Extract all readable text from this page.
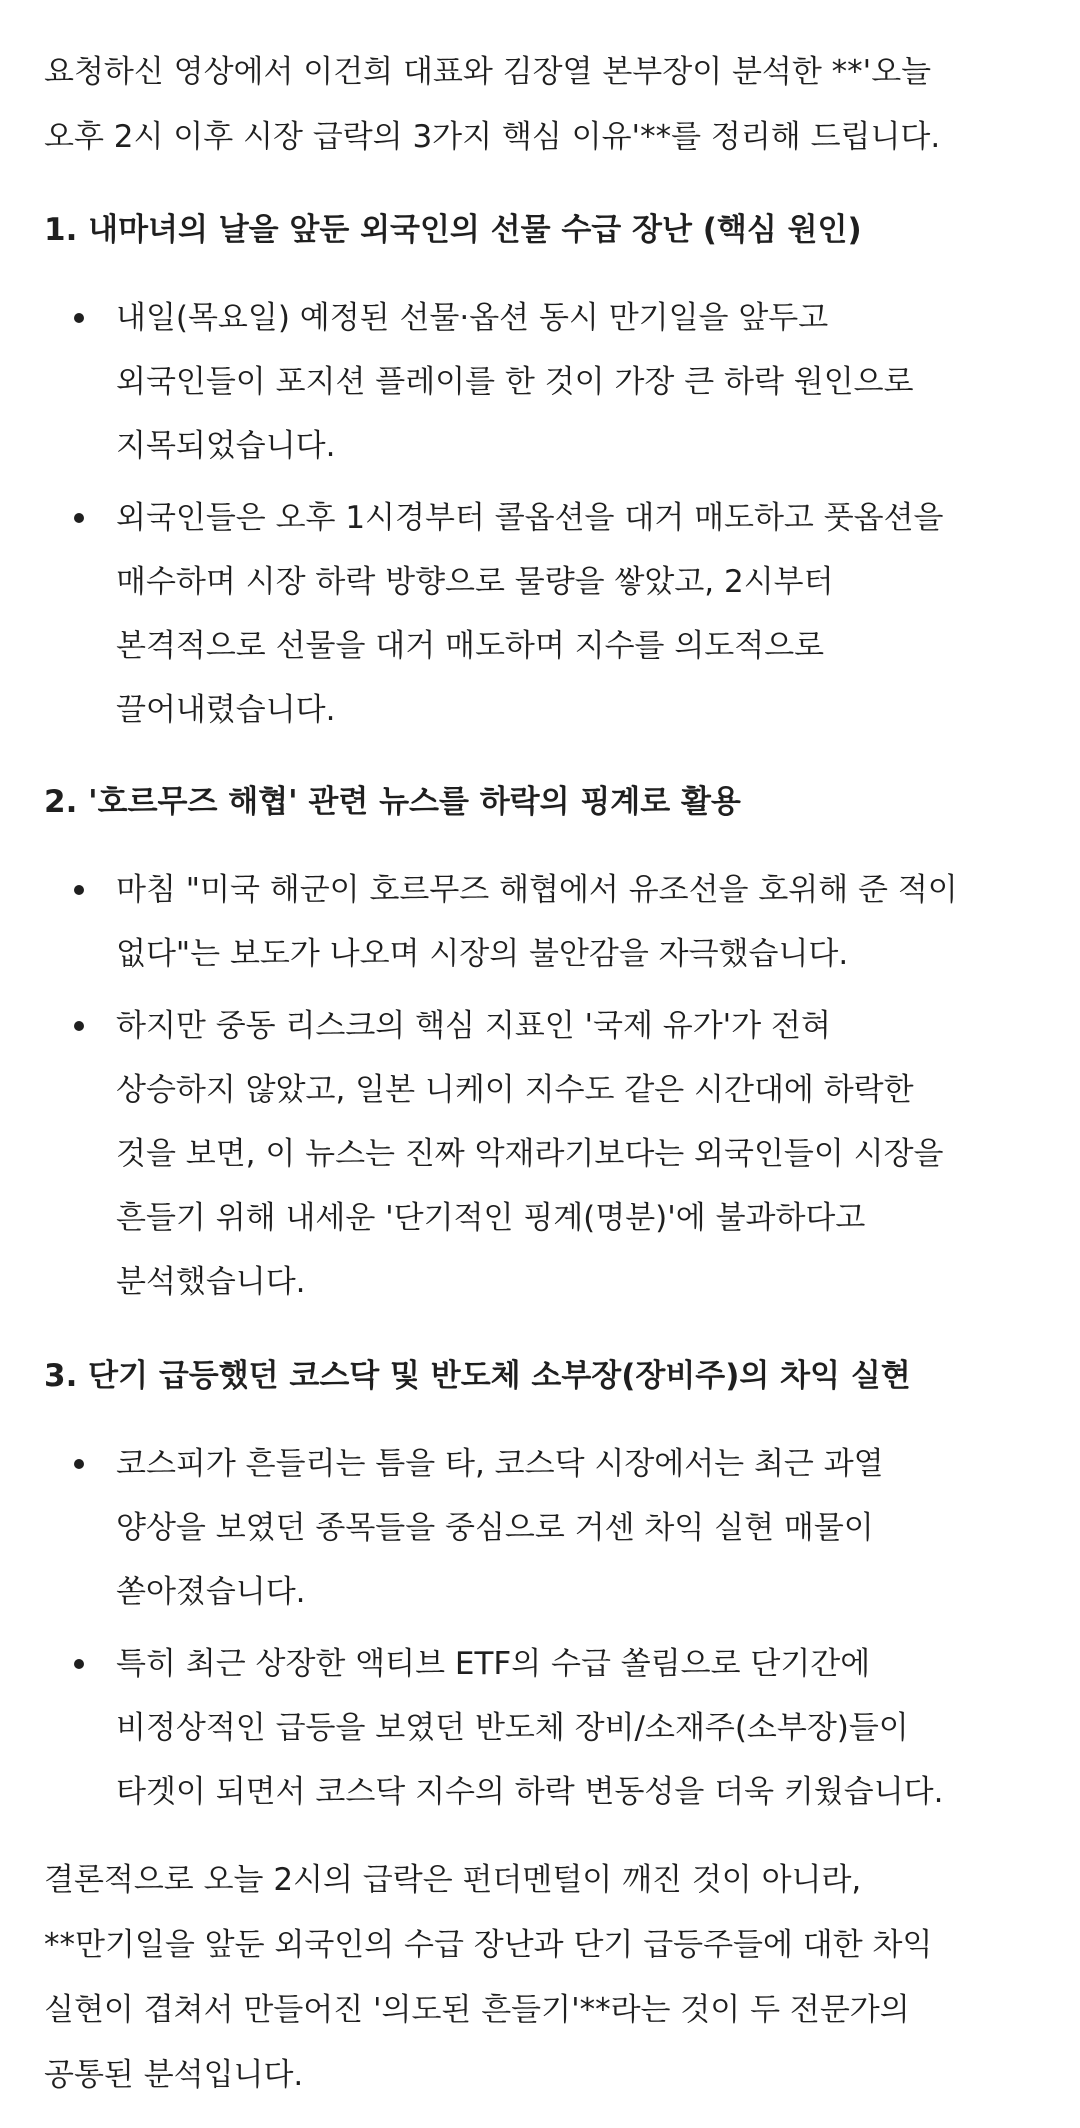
요청하신 영상에서 이건희 대표와 김장열 본부장이 분석한 **'오늘

오후 2시 이후 시장 급락의 3가지 핵심 이유'**를 정리해 드립니다.

1. 내마녀의 날을 앞둔 외국인의 선물 수급 장난 (핵심 원인)

내일(목요일) 예정된 선물·옵션 동시 만기일을 앞두고

외국인들이 포지션 플레이를 한 것이 가장 큰 하락 원인으로

지목되었습니다.

외국인들은 오후 1시경부터 콜옵션을 대거 매도하고 풋옵션을

매수하며 시장 하락 방향으로 물량을 쌓았고, 2시부터

본격적으로 선물을 대거 매도하며 지수를 의도적으로

끌어내렸습니다.

2. '호르무즈 해협' 관련 뉴스를 하락의 핑계로 활용

마침 "미국 해군이 호르무즈 해협에서 유조선을 호위해 준 적이

없다"는 보도가 나오며 시장의 불안감을 자극했습니다.

하지만 중동 리스크의 핵심 지표인 '국제 유가'가 전혀

상승하지 않았고, 일본 니케이 지수도 같은 시간대에 하락한

것을 보면, 이 뉴스는 진짜 악재라기보다는 외국인들이 시장을

흔들기 위해 내세운 '단기적인 핑계(명분)'에 불과하다고

분석했습니다.

3. 단기 급등했던 코스닥 및 반도체 소부장(장비주)의 차익 실현

코스피가 흔들리는 틈을 타, 코스닥 시장에서는 최근 과열

양상을 보였던 종목들을 중심으로 거센 차익 실현 매물이

쏟아졌습니다.

특히 최근 상장한 액티브 ETF의 수급 쏠림으로 단기간에

비정상적인 급등을 보였던 반도체 장비/소재주(소부장)들이

타겟이 되면서 코스닥 지수의 하락 변동성을 더욱 키웠습니다.

결론적으로 오늘 2시의 급락은 펀더멘털이 깨진 것이 아니라,

**만기일을 앞둔 외국인의 수급 장난과 단기 급등주들에 대한 차익

실현이 겹쳐서 만들어진 '의도된 흔들기'**라는 것이 두 전문가의

공통된 분석입니다.
